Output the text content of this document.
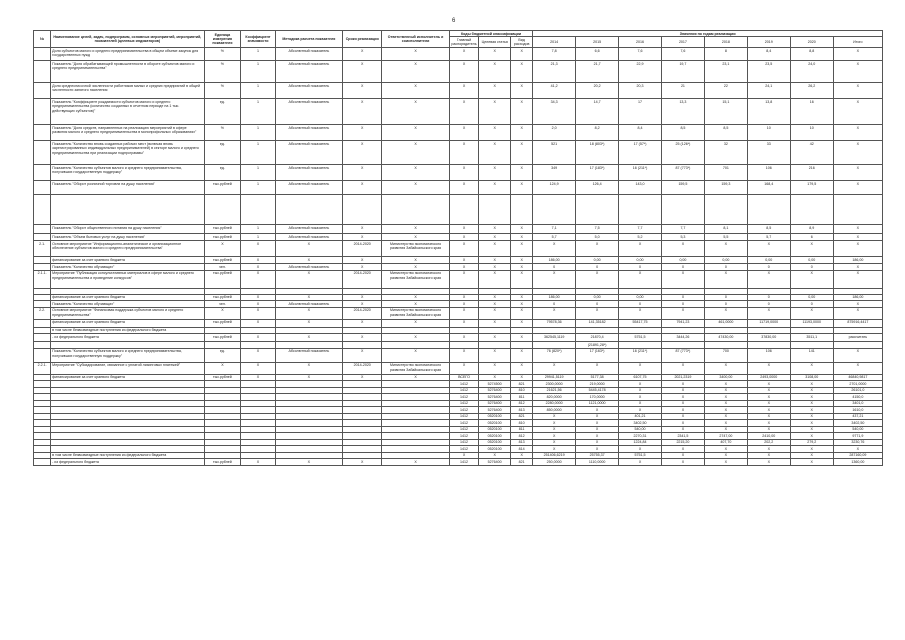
6
№	Наименование целей, задач, подпрограмм, основных мероприятий, мероприятий, показателей (целевых индикаторов)	Единица измерения показателя	Коэффициент значимости	Методика расчета показателя	Сроки реализации	Ответственный исполнитель и соисполнители	Коды бюджетной классификации			Значения по годам реализации							
							Главный распорядитель	Целевая статья	Вид расходов	2014	2015	2016	2017	2018	2019	2020	Итого
	Доля субъектов малого и среднего предпринимательства в общем объеме закупок для государственных нужд	%	1	Абсолютный показатель	Х	Х	Х	Х	Х	7,8	6,6	7,6	7,6	8	8,4	8,8	Х
	Показатель "Доля обрабатывающей промышленности в обороте субъектов малого и среднего предпринимательства"	%	1	Абсолютный показатель	Х	Х	Х	Х	Х	21,3	21,7	22,9	19,7	23,1	23,5	24,0	Х
	Доля среднесписочной численности работников малых и средних предприятий в общей численности занятого населения	%	1	Абсолютный показатель	Х	Х	Х	Х	Х	41,2	20,2	20,3	21	22	24,1	26,2	Х
	Показатель "Коэффициент рождаемости субъектов малого и среднего предпринимательства (количество созданных в отчетном периоде на 1 тыс. действующих субъектов)"	ед.	1	Абсолютный показатель	Х	Х	Х	Х	Х	34,3	14,7	17	13,3	15,1	13,8	16	Х
	Показатель "Доля средств, направленных на реализацию мероприятий в сфере развития малого и среднего предпринимательства в монопрофильных образованиях"	%	1	Абсолютный показатель	Х	Х	Х	Х	Х	2,0	8,2	8,4	8,5	8,5	10	10	Х
	Показатель "Количество вновь созданных рабочих мест (включая вновь зарегистрированных индивидуальных предпринимателей) в секторе малого и среднего предпринимательства при реализации подпрограммы"	ед.	1	Абсолютный показатель	Х	Х	Х	Х	Х	521	18 (803*)	17 (57*)	25 (126*)	32	33	42	Х
	Показатель "Количество субъектов малого и среднего предпринимательства, получивших государственную поддержку"	ед.	1	Абсолютный показатель	Х	Х	Х	Х	Х	349	17 (183*)	16 (211*)	87 (773*)	701	106	216	Х
	Показатель "Оборот розничной торговли на душу населения"	тыс.рублей	1	Абсолютный показатель	Х	Х	Х	Х	Х	124,9	126,4	143,0	159,5	159,3	168,4	179,5	Х

	Показатель "Оборот общественного питания на душу населения"	тыс.рублей	1	Абсолютный показатель	Х	Х	Х	Х	Х	7,1	7,5	7,7	7,7	8,1	8,5	8,9	Х
	Показатель "Объем бытовых услуг на душу населения"	тыс.рублей	1	Абсолютный показатель	Х	Х	Х	Х	Х	5,7	5,0	5,2	5,3	5,5	5,7	6	Х
2.1.	Основное мероприятие "Информационно-аналитическое и организационное обеспечение субъектов малого и среднего предпринимательства"	Х	Х	Х	2014-2020	Министерство экономического развития Забайкальского края	Х	Х	Х	Х	Х	Х	Х	Х	Х	Х	Х
	финансирование за счет краевого бюджета	тыс.рублей	Х	Х	Х	Х	Х	Х	Х	186,00	0,00	0,00	0,00	0,00	0,00	0,00	186,00
	Показатель "Количество обучающих"	чел.	Х	Абсолютный показатель	Х	Х	Х	Х	Х	0	0	0	0	0	0	0	Х
2.1.1.	Мероприятие "Публикация консультативных материалов в сфере малого и среднего предпринимательства и проведение конкурсов"	тыс.рублей	Х	Х	2014-2020	Министерство экономического развития Забайкальского края	Х	Х	Х	Х	Х	Х	Х	Х	Х	Х	Х

	финансирование за счет краевого бюджета	тыс.рублей	Х	Х	Х	Х	Х	Х	Х	186,00	0,00	0,00	0	0	0	0,00	186,00
	Показатель "Количество обучающих"	чел.	Х	Абсолютный показатель	Х	Х	Х	Х	Х	0	0	0	0	0	0	0	Х
2.2.	Основное мероприятие "Финансовая поддержка субъектов малого и среднего предпринимательства"	Х	Х	Х	2014-2020	Министерство экономического развития Забайкальского края	Х	Х	Х	Х	Х	Х	Х	Х	Х	Х	Х
	финансирование за счет краевого бюджета	тыс.рублей	Х	Х	Х	Х	Х	Х	Х	79578,36	141,35182	55417,75	7941,23	461,0000	11719,0000	11193,0000	875916,4417
	в том числе безвозмездные поступления из федерального бюджета																
	- из федерального бюджета	тыс.рублей	Х	Х	Х	Х	Х	Х	Х	362545,1119	21870,4	5751,5	3444,26	47430,00	37830,00	3511,1	рассчитать
											(21891,28*)						
	Показатель "Количество субъектов малого и среднего предпринимательства, получивших государственную поддержку"	ед.	Х	Абсолютный показатель	Х	Х	Х	Х	Х	76 (820*)	17 (163*)	16 (211*)	87 (773*)	700	106	141	Х
2.2.1.	Мероприятие "Субсидирование, связанное с уплатой лизинговых платежей"	Х	Х	Х	2014-2020	Министерство экономического развития Забайкальского края	Х	Х	Х	Х	Х	Х	Х	Х	Х	Х	Х
	финансирование за счет краевого бюджета	тыс.рублей	Х	Х	Х	Х	ВСЕГО	Х	Х	29941,5119	5177,38	6107,75	2021,2319	3400,00	2493,0000	3108,00	46840,9817
							1412	5274500	821	2300,0000	219,0000	Х	Х	Х	Х	Х	2701,0000
							1412	5276400	810	21621,56	5445,4178	Х	Х	Х	Х	Х	26101,0
							1412	5276400	811	820,0000	170,0000	Х	Х	Х	Х	Х	4150,0
							1412	5276400	812	2280,0000	1121,0000	Х	Х	Х	Х	Х	3401,0
							1412	5276400	813	850,0000	Х	Х	Х	Х	Х	Х	1610,0
							1412	0520100	821	Х	Х	401,21	Х	Х	Х	Х	437,21
							1412	0520100	810	Х	Х	3402,50	Х	Х	Х	Х	3402,50
							1412	0520100	811	Х	Х	540,00	Х	Х	Х	Х	540,00
							1412	0520100	812	Х	Х	2270,31	2341,5	2747,00	2410,00	Х	9771,9
							1412	0520100	813	Х	Х	1224,84	2215,20	407,70	202,2	279,2	3230,76
							1412	0520100	814	Х	Х	Х	Х	Х	Х	Х	Х
	в том числе безвозмездные поступления из федерального бюджета						Х	Х	Х	251406,6219	25755,37	5751,5	Х	Х	Х	Х	287160,09
	- из федерального бюджета	тыс.рублей	Х	Х	Х	Х	1412	5276400	821	250,0000	1110,0000	Х	Х	Х	Х	Х	1360,00
